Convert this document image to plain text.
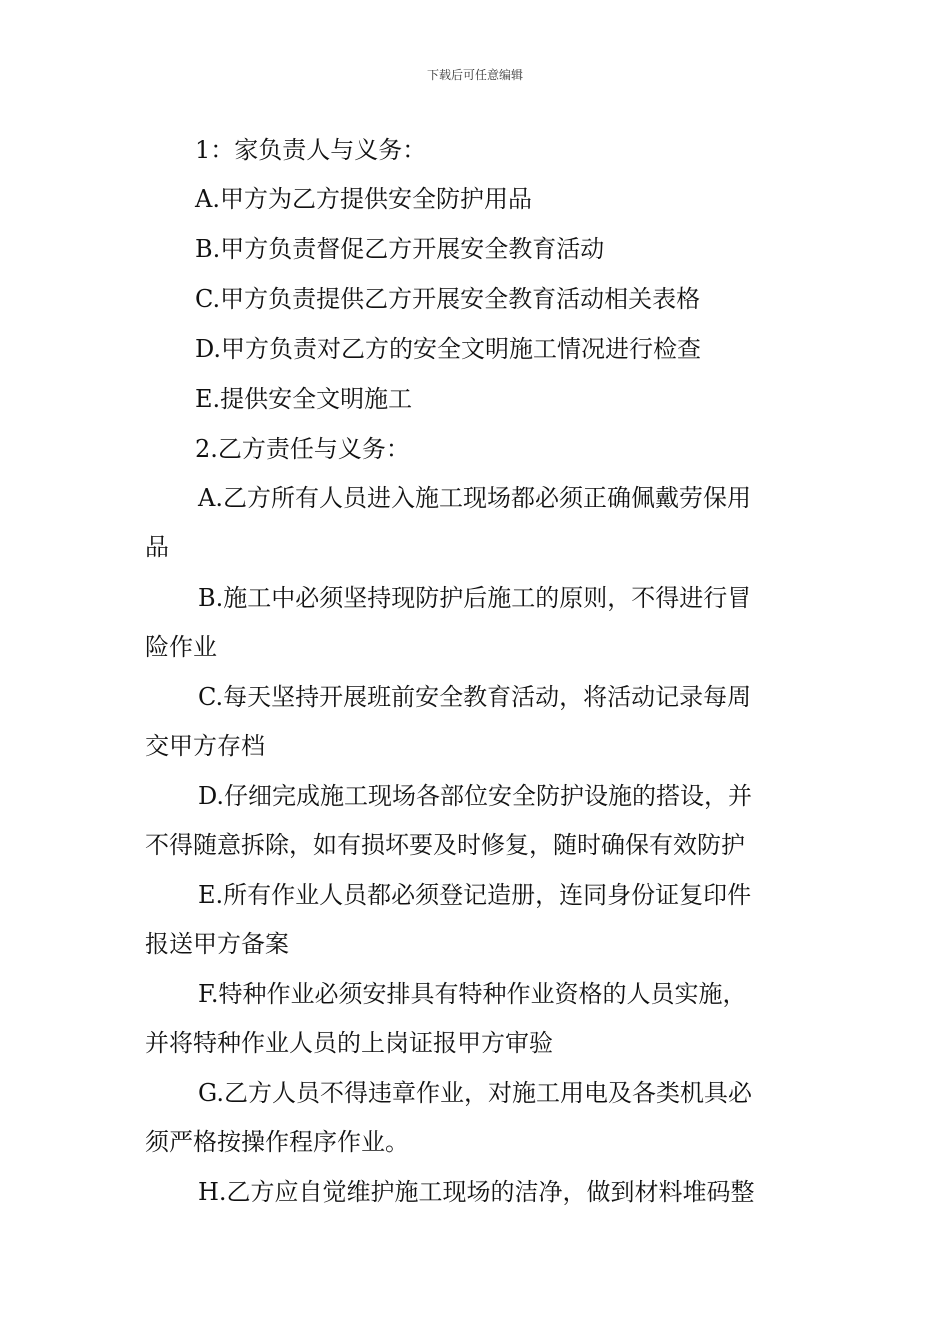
下载后可任意编辑
1：家负责人与义务：
A.甲方为乙方提供安全防护用品
B.甲方负责督促乙方开展安全教育活动
C.甲方负责提供乙方开展安全教育活动相关表格
D.甲方负责对乙方的安全文明施工情况进行检查
E.提供安全文明施工
2.乙方责任与义务：
A.乙方所有人员进入施工现场都必须正确佩戴劳保用
品
B.施工中必须坚持现防护后施工的原则，不得进行冒
险作业
C.每天坚持开展班前安全教育活动，将活动记录每周
交甲方存档
D.仔细完成施工现场各部位安全防护设施的搭设，并
不得随意拆除，如有损坏要及时修复，随时确保有效防护
E.所有作业人员都必须登记造册，连同身份证复印件
报送甲方备案
F.特种作业必须安排具有特种作业资格的人员实施，
并将特种作业人员的上岗证报甲方审验
G.乙方人员不得违章作业，对施工用电及各类机具必
须严格按操作程序作业。
H.乙方应自觉维护施工现场的洁净，做到材料堆码整
